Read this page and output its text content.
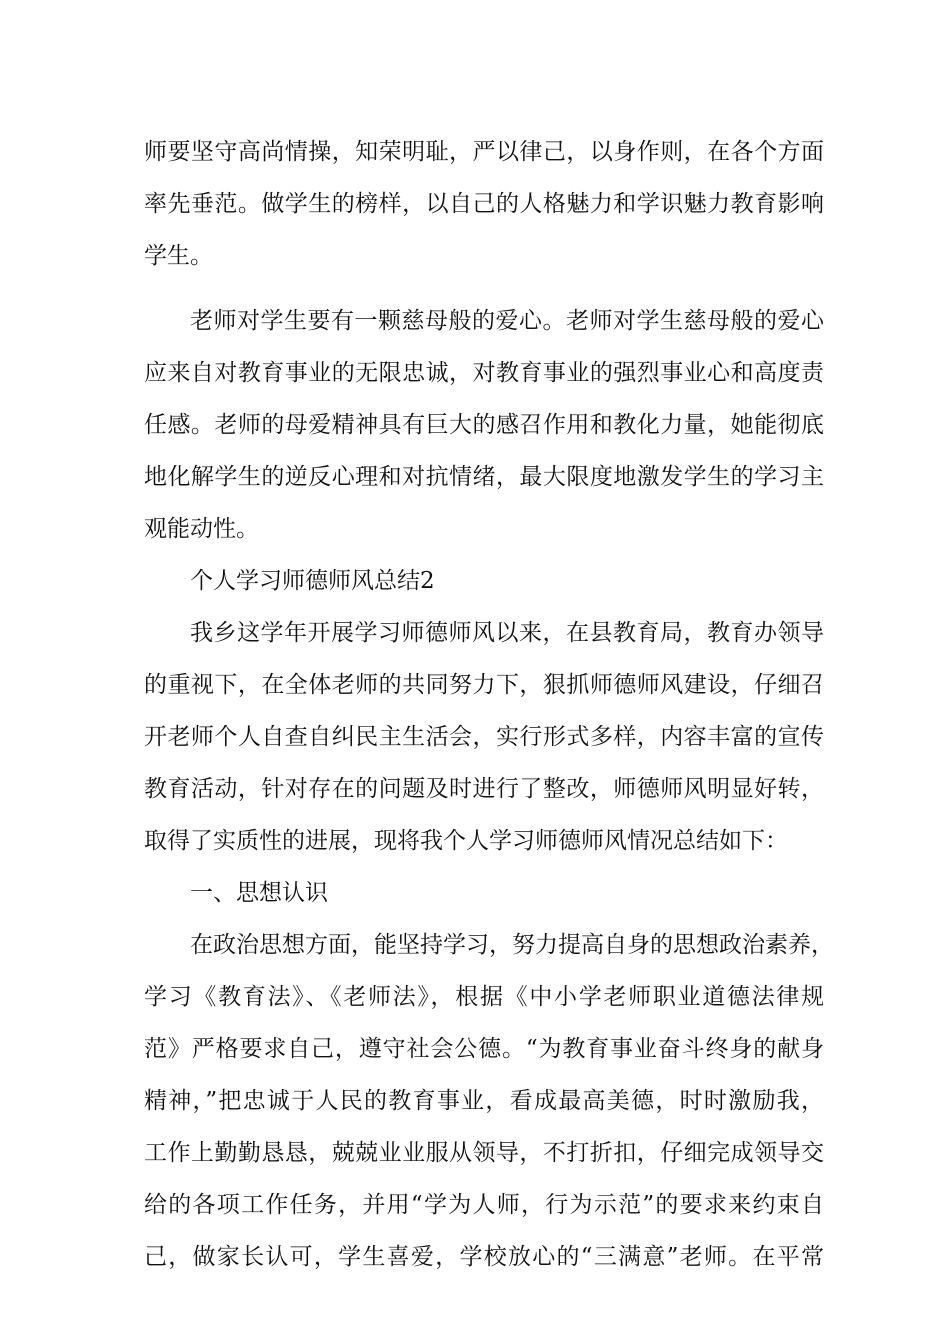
师要坚守高尚情操，知荣明耻，严以律己，以身作则，在各个方面
率先垂范。做学生的榜样，以自己的人格魅力和学识魅力教育影响
学生。
老师对学生要有一颗慈母般的爱心。老师对学生慈母般的爱心
应来自对教育事业的无限忠诚，对教育事业的强烈事业心和高度责
任感。老师的母爱精神具有巨大的感召作用和教化力量，她能彻底
地化解学生的逆反心理和对抗情绪，最大限度地激发学生的学习主
观能动性。
个人学习师德师风总结2
我乡这学年开展学习师德师风以来，在县教育局，教育办领导
的重视下，在全体老师的共同努力下，狠抓师德师风建设，仔细召
开老师个人自查自纠民主生活会，实行形式多样，内容丰富的宣传
教育活动，针对存在的问题及时进行了整改，师德师风明显好转，
取得了实质性的进展，现将我个人学习师德师风情况总结如下：
一、思想认识
在政治思想方面，能坚持学习，努力提高自身的思想政治素养，
学习《教育法》、《老师法》，根据《中小学老师职业道德法律规
范》严格要求自己，遵守社会公德。“为教育事业奋斗终身的献身
精神，”把忠诚于人民的教育事业，看成最高美德，时时激励我，
工作上勤勤恳恳，兢兢业业服从领导，不打折扣，仔细完成领导交
给的各项工作任务，并用“学为人师，行为示范”的要求来约束自
己，做家长认可，学生喜爱，学校放心的“三满意”老师。在平常
